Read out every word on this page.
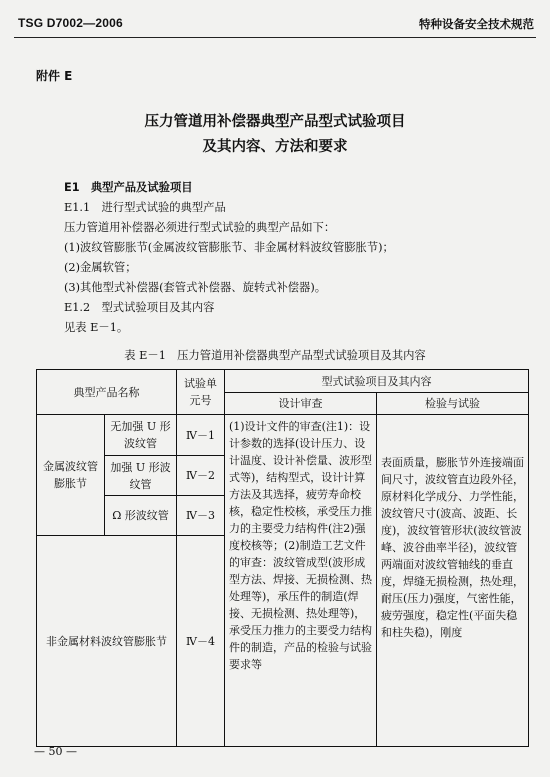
TSG D7002—2006	特种设备安全技术规范
附件 E
压力管道用补偿器典型产品型式试验项目
及其内容、方法和要求
E1　典型产品及试验项目
E1.1　进行型式试验的典型产品
压力管道用补偿器必须进行型式试验的典型产品如下：
(1)波纹管膨胀节(金属波纹管膨胀节、非金属材料波纹管膨胀节)；
(2)金属软管；
(3)其他型式补偿器(套管式补偿器、旋转式补偿器)。
E1.2　型式试验项目及其内容
见表 E－1。
表 E－1　压力管道用补偿器典型产品型式试验项目及其内容
典型产品名称		试验单元号	型式试验项目及其内容	
			设计审查	检验与试验
金属波纹管膨胀节	无加强 U 形波纹管	Ⅳ－1	(1)设计文件的审查(注1)：设计参数的选择(设计压力、设计温度、设计补偿量、波形型式等)，结构型式，设计计算方法及其选择，疲劳寿命校核，稳定性校核，承受压力推力的主要受力结构件(注2)强度校核等；(2)制造工艺文件的审查：波纹管成型(波形成型方法、焊接、无损检测、热处理等)，承压件的制造(焊接、无损检测、热处理等)，承受压力推力的主要受力结构件的制造，产品的检验与试验要求等	表面质量，膨胀节外连接端面间尺寸，波纹管直边段外径，原材料化学成分、力学性能，波纹管尺寸(波高、波距、长度)，波纹管管形状(波纹管波峰、波谷曲率半径)，波纹管两端面对波纹管轴线的垂直度，焊缝无损检测，热处理，耐压(压力)强度，气密性能，疲劳强度，稳定性(平面失稳和柱失稳)，刚度
	加强 U 形波纹管	Ⅳ－2		
	Ω 形波纹管	Ⅳ－3		
非金属材料波纹管膨胀节		Ⅳ－4		
— 50 —
